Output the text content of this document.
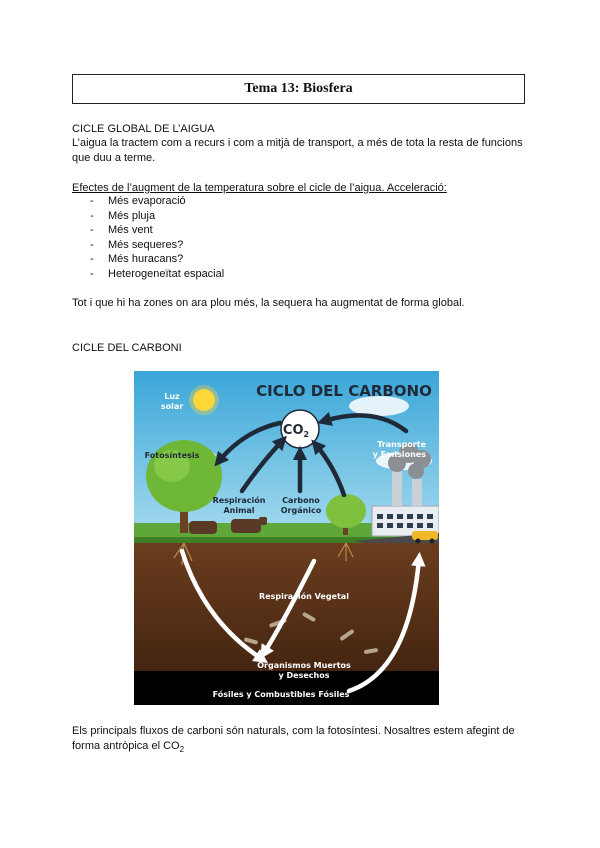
Tema 13: Biosfera
CICLE GLOBAL DE L’AIGUA
L’aigua la tractem com a recurs i com a mitjà de transport, a més de tota la resta de funcions que duu a terme.
Efectes de l’augment de la temperatura sobre el cicle de l’aigua. Acceleració:
- Més evaporació
- Més pluja
- Més vent
- Més sequeres?
- Més huracans?
- Heterogeneïtat espacial
Tot i que hi ha zones on ara plou més, la sequera ha augmentat de forma global.
CICLE DEL CARBONI
$CO_2$
CICLO DEL CARBONO
Luz
solar
Fotosíntesis
Transporte
y Emisiones
Respiración
Animal
Carbono
Orgánico
Respiración Vegetal
Organismos Muertos
y Desechos
Fósiles y Combustibles Fósiles
Els principals fluxos de carboni són naturals, com la fotosíntesi. Nosaltres estem afegint de forma antròpica el $CO_2$
